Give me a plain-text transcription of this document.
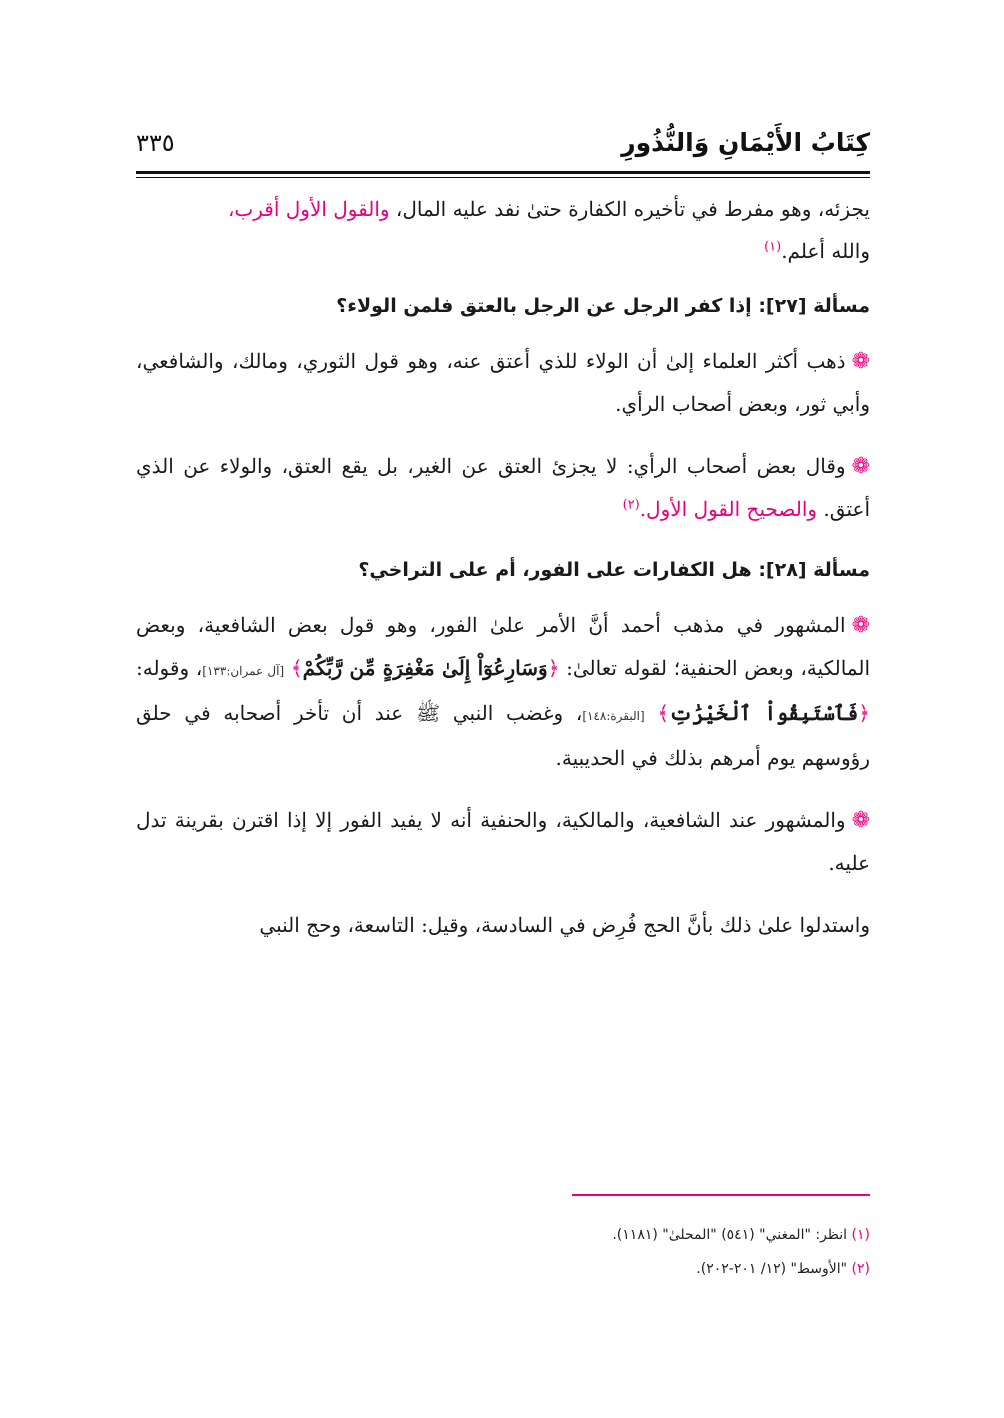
كِتَابُ الأَيْمَانِ وَالنُّذُورِ
٣٣٥

يجزئه، وهو مفرط في تأخيره الكفارة حتىٰ نفد عليه المال، والقول الأول أقرب،
والله أعلم.$^{(١)}$

مسألة [٢٧]: إذا كفر الرجل عن الرجل بالعتق فلمن الولاء؟

❁ذهب أكثر العلماء إلىٰ أن الولاء للذي أعتق عنه، وهو قول الثوري، ومالك، والشافعي، وأبي ثور، وبعض أصحاب الرأي.

❁وقال بعض أصحاب الرأي: لا يجزئ العتق عن الغير، بل يقع العتق، والولاء عن الذي أعتق. والصحيح القول الأول.$^{(٢)}$

مسألة [٢٨]: هل الكفارات على الفور، أم على التراخي؟

❁المشهور في مذهب أحمد أنَّ الأمر علىٰ الفور، وهو قول بعض الشافعية، وبعض المالكية، وبعض الحنفية؛ لقوله تعالىٰ: ﴿وَسَارِعُوٓاْ إِلَىٰ مَغْفِرَةٍ مِّن رَّبِّكُمْ﴾ [آل عمران:١٣٣]، وقوله: ﴿فَٱسْتَبِقُواْ ٱلْخَيْرَٰتِ﴾ [البقرة:١٤٨]، وغضب النبي ﷺ عند أن تأخر أصحابه في حلق رؤوسهم يوم أمرهم بذلك في الحديبية.

❁والمشهور عند الشافعية، والمالكية، والحنفية أنه لا يفيد الفور إلا إذا اقترن بقرينة تدل عليه.

واستدلوا علىٰ ذلك بأنَّ الحج فُرِض في السادسة، وقيل: التاسعة، وحج النبي

(١) انظر: "المغني" (٥٤١) "المحلىٰ" (١١٨١).
(٢) "الأوسط" (١٢/ ٢٠١-٢٠٢).
